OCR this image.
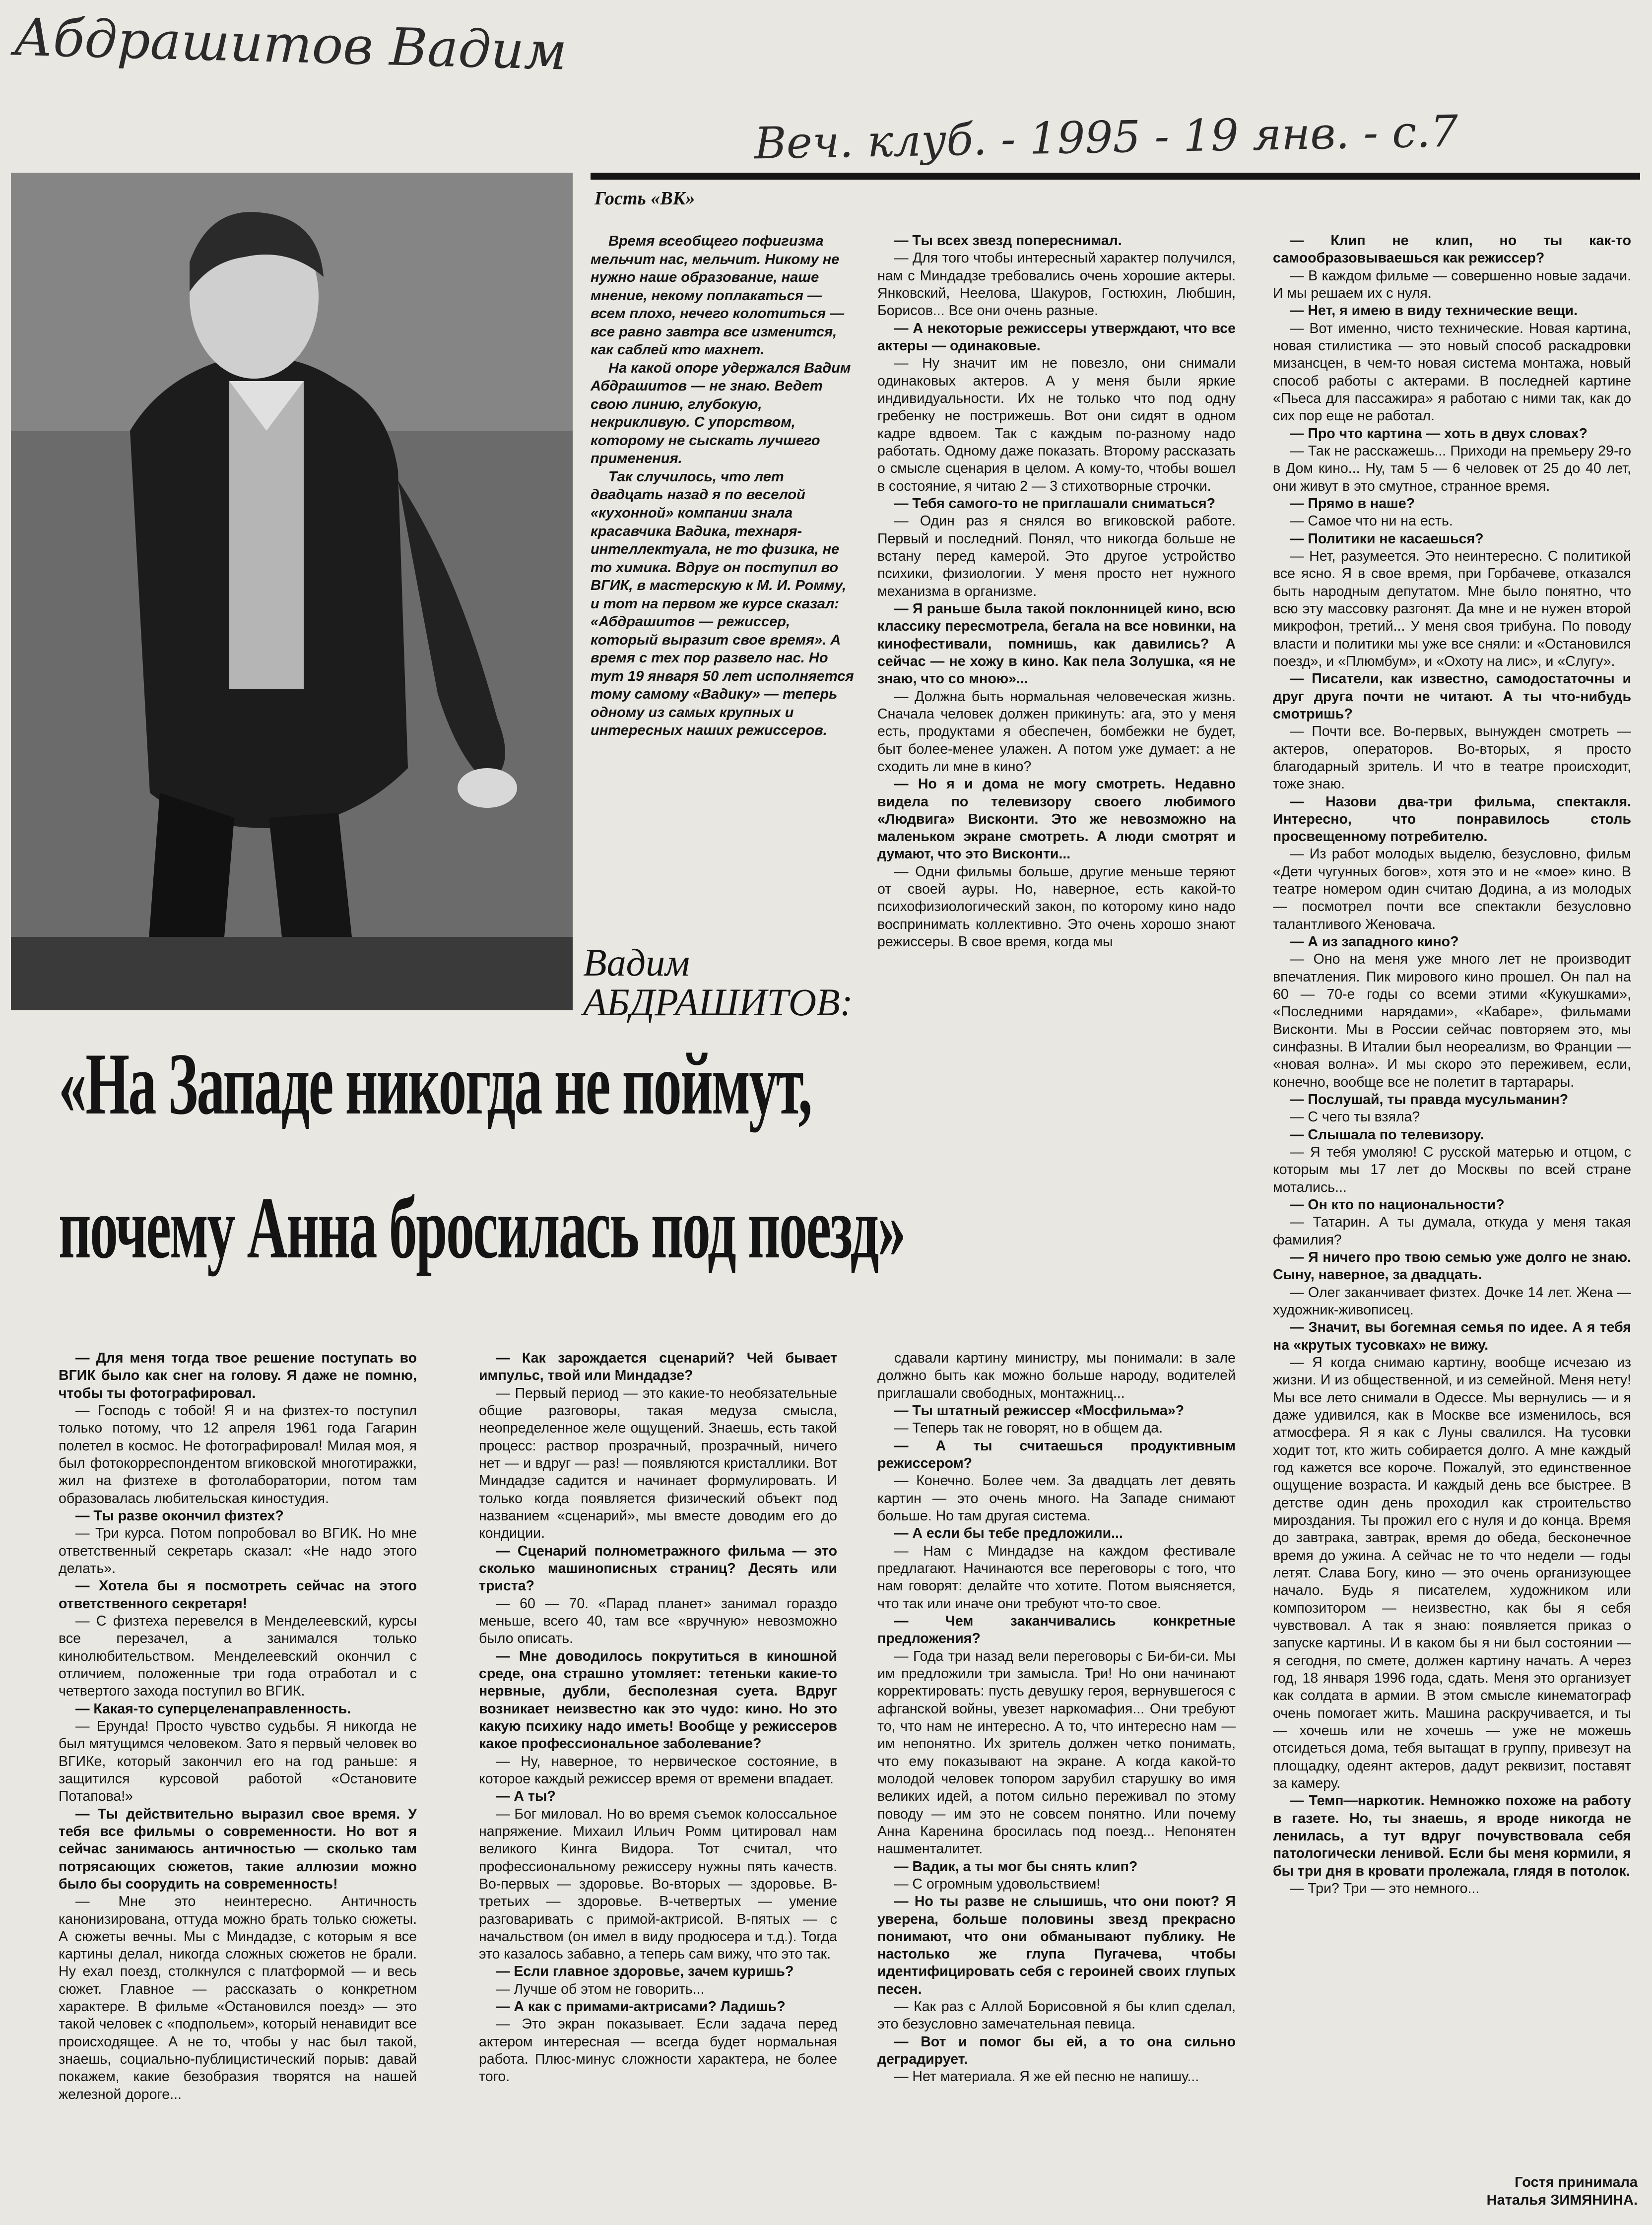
Абдрашитов Вадим
Веч. клуб. - 1995 - 19 янв. - с.7
Гость «ВК»

Время всеобщего пофигизма мельчит нас, мельчит. Никому не нужно наше образование, наше мнение, некому поплакаться — всем плохо, нечего колотиться — все равно завтра все изменится, как саблей кто махнет.

На какой опоре удержался Вадим Абдрашитов — не знаю. Ведет свою линию, глубокую, некрикливую. С упорством, которому не сыскать лучшего применения.

Так случилось, что лет двадцать назад я по веселой «кухонной» компании знала красавчика Вадика, технаря-интеллектуала, не то физика, не то химика. Вдруг он поступил во ВГИК, в мастерскую к М. И. Ромму, и тот на первом же курсе сказал: «Абдрашитов — режиссер, который выразит свое время». А время с тех пор развело нас. Но тут 19 января 50 лет исполняется тому самому «Вадику» — теперь одному из самых крупных и интересных наших режиссеров.

Вадим
АБДРАШИТОВ:

— Ты всех звезд попереснимал.

— Для того чтобы интересный характер получился, нам с Миндадзе требовались очень хорошие актеры. Янковский, Неелова, Шакуров, Гостюхин, Любшин, Борисов... Все они очень разные.

— А некоторые режиссеры утверждают, что все актеры — одинаковые.

— Ну значит им не повезло, они снимали одинаковых актеров. А у меня были яркие индивидуальности. Их не только что под одну гребенку не пострижешь. Вот они сидят в одном кадре вдвоем. Так с каждым по-разному надо работать. Одному даже показать. Второму рассказать о смысле сценария в целом. А кому-то, чтобы вошел в состояние, я читаю 2 — 3 стихотворные строчки.

— Тебя самого-то не приглашали сниматься?

— Один раз я снялся во вгиковской работе. Первый и последний. Понял, что никогда больше не встану перед камерой. Это другое устройство психики, физиологии. У меня просто нет нужного механизма в организме.

— Я раньше была такой поклонницей кино, всю классику пересмотрела, бегала на все новинки, на кинофестивали, помнишь, как давились? А сейчас — не хожу в кино. Как пела Золушка, «я не знаю, что со мною»...

— Должна быть нормальная человеческая жизнь. Сначала человек должен прикинуть: ага, это у меня есть, продуктами я обеспечен, бомбежки не будет, быт более-менее улажен. А потом уже думает: а не сходить ли мне в кино?

— Но я и дома не могу смотреть. Недавно видела по телевизору своего любимого «Людвига» Висконти. Это же невозможно на маленьком экране смотреть. А люди смотрят и думают, что это Висконти...

— Одни фильмы больше, другие меньше теряют от своей ауры. Но, наверное, есть какой-то психофизиологический закон, по которому кино надо воспринимать коллективно. Это очень хорошо знают режиссеры. В свое время, когда мы

— Клип не клип, но ты как-то самообразовываешься как режиссер?

— В каждом фильме — совершенно новые задачи. И мы решаем их с нуля.

— Нет, я имею в виду технические вещи.

— Вот именно, чисто технические. Новая картина, новая стилистика — это новый способ раскадровки мизансцен, в чем-то новая система монтажа, новый способ работы с актерами. В последней картине «Пьеса для пассажира» я работаю с ними так, как до сих пор еще не работал.

— Про что картина — хоть в двух словах?

— Так не расскажешь... Приходи на премьеру 29-го в Дом кино... Ну, там 5 — 6 человек от 25 до 40 лет, они живут в это смутное, странное время.

— Прямо в наше?

— Самое что ни на есть.

— Политики не касаешься?

— Нет, разумеется. Это неинтересно. С политикой все ясно. Я в свое время, при Горбачеве, отказался быть народным депутатом. Мне было понятно, что всю эту массовку разгонят. Да мне и не нужен второй микрофон, третий... У меня своя трибуна. По поводу власти и политики мы уже все сняли: и «Остановился поезд», и «Плюмбум», и «Охоту на лис», и «Слугу».

— Писатели, как известно, самодостаточны и друг друга почти не читают. А ты что-нибудь смотришь?

— Почти все. Во-первых, вынужден смотреть — актеров, операторов. Во-вторых, я просто благодарный зритель. И что в театре происходит, тоже знаю.

— Назови два-три фильма, спектакля. Интересно, что понравилось столь просвещенному потребителю.

— Из работ молодых выделю, безусловно, фильм «Дети чугунных богов», хотя это и не «мое» кино. В театре номером один считаю Додина, а из молодых — посмотрел почти все спектакли безусловно талантливого Женовача.

— А из западного кино?

— Оно на меня уже много лет не производит впечатления. Пик мирового кино прошел. Он пал на 60 — 70-е годы со всеми этими «Кукушками», «Последними нарядами», «Кабаре», фильмами Висконти. Мы в России сейчас повторяем это, мы синфазны. В Италии был неореализм, во Франции — «новая волна». И мы скоро это переживем, если, конечно, вообще все не полетит в тартарары.

— Послушай, ты правда мусульманин?

— С чего ты взяла?

— Слышала по телевизору.

— Я тебя умоляю! С русской матерью и отцом, с которым мы 17 лет до Москвы по всей стране мотались...

— Он кто по национальности?

— Татарин. А ты думала, откуда у меня такая фамилия?

— Я ничего про твою семью уже долго не знаю. Сыну, наверное, за двадцать.

— Олег заканчивает физтех. Дочке 14 лет. Жена — художник-живописец.

— Значит, вы богемная семья по идее. А я тебя на «крутых тусовках» не вижу.

— Я когда снимаю картину, вообще исчезаю из жизни. И из общественной, и из семейной. Меня нету! Мы все лето снимали в Одессе. Мы вернулись — и я даже удивился, как в Москве все изменилось, вся атмосфера. Я я как с Луны свалился. На тусовки ходит тот, кто жить собирается долго. А мне каждый год кажется все короче. Пожалуй, это единственное ощущение возраста. И каждый день все быстрее. В детстве один день проходил как строительство мироздания. Ты прожил его с нуля и до конца. Время до завтрака, завтрак, время до обеда, бесконечное время до ужина. А сейчас не то что недели — годы летят. Слава Богу, кино — это очень организующее начало. Будь я писателем, художником или композитором — неизвестно, как бы я себя чувствовал. А так я знаю: появляется приказ о запуске картины. И в каком бы я ни был состоянии — я сегодня, по смете, должен картину начать. А через год, 18 января 1996 года, сдать. Меня это организует как солдата в армии. В этом смысле кинематограф очень помогает жить. Машина раскручивается, и ты — хочешь или не хочешь — уже не можешь отсидеться дома, тебя вытащат в группу, привезут на площадку, одеянт актеров, дадут реквизит, поставят за камеру.

— Темп—наркотик. Немножко похоже на работу в газете. Но, ты знаешь, я вроде никогда не ленилась, а тут вдруг почувствовала себя патологически ленивой. Если бы меня кормили, я бы три дня в кровати пролежала, глядя в потолок.

— Три? Три — это немного...

«На Западе никогда не поймут,
почему Анна бросилась под поезд»

— Для меня тогда твое решение поступать во ВГИК было как снег на голову. Я даже не помню, чтобы ты фотографировал.

— Господь с тобой! Я и на физтех-то поступил только потому, что 12 апреля 1961 года Гагарин полетел в космос. Не фотографировал! Милая моя, я был фотокорреспондентом вгиковской многотиражки, жил на физтехе в фотолаборатории, потом там образовалась любительская киностудия.

— Ты разве окончил физтех?

— Три курса. Потом попробовал во ВГИК. Но мне ответственный секретарь сказал: «Не надо этого делать».

— Хотела бы я посмотреть сейчас на этого ответственного секретаря!

— С физтеха перевелся в Менделеевский, курсы все перезачел, а занимался только кинолюбительством. Менделеевский окончил с отличием, положенные три года отработал и с четвертого захода поступил во ВГИК.

— Какая-то суперцеленаправленность.

— Ерунда! Просто чувство судьбы. Я никогда не был мятущимся человеком. Зато я первый человек во ВГИКе, который закончил его на год раньше: я защитился курсовой работой «Остановите Потапова!»

— Ты действительно выразил свое время. У тебя все фильмы о современности. Но вот я сейчас занимаюсь античностью — сколько там потрясающих сюжетов, такие аллюзии можно было бы соорудить на современность!

— Мне это неинтересно. Античность канонизирована, оттуда можно брать только сюжеты. А сюжеты вечны. Мы с Миндадзе, с которым я все картины делал, никогда сложных сюжетов не брали. Ну ехал поезд, столкнулся с платформой — и весь сюжет. Главное — рассказать о конкретном характере. В фильме «Остановился поезд» — это такой человек с «подпольем», который ненавидит все происходящее. А не то, чтобы у нас был такой, знаешь, социально-публицистический порыв: давай покажем, какие безобразия творятся на нашей железной дороге...

— Как зарождается сценарий? Чей бывает импульс, твой или Миндадзе?

— Первый период — это какие-то необязательные общие разговоры, такая медуза смысла, неопределенное желе ощущений. Знаешь, есть такой процесс: раствор прозрачный, прозрачный, ничего нет — и вдруг — раз! — появляются кристаллики. Вот Миндадзе садится и начинает формулировать. И только когда появляется физический объект под названием «сценарий», мы вместе доводим его до кондиции.

— Сценарий полнометражного фильма — это сколько машинописных страниц? Десять или триста?

— 60 — 70. «Парад планет» занимал гораздо меньше, всего 40, там все «вручную» невозможно было описать.

— Мне доводилось покрутиться в киношной среде, она страшно утомляет: тетеньки какие-то нервные, дубли, бесполезная суета. Вдруг возникает неизвестно как это чудо: кино. Но это какую психику надо иметь! Вообще у режиссеров какое профессиональное заболевание?

— Ну, наверное, то нервическое состояние, в которое каждый режиссер время от времени впадает.

— А ты?

— Бог миловал. Но во время съемок колоссальное напряжение. Михаил Ильич Ромм цитировал нам великого Кинга Видора. Тот считал, что профессиональному режиссеру нужны пять качеств. Во-первых — здоровье. Во-вторых — здоровье. В-третьих — здоровье. В-четвертых — умение разговаривать с примой-актрисой. В-пятых — с начальством (он имел в виду продюсера и т.д.). Тогда это казалось забавно, а теперь сам вижу, что это так.

— Если главное здоровье, зачем куришь?

— Лучше об этом не говорить...

— А как с примами-актрисами? Ладишь?

— Это экран показывает. Если задача перед актером интересная — всегда будет нормальная работа. Плюс-минус сложности характера, не более того.

сдавали картину министру, мы понимали: в зале должно быть как можно больше народу, водителей приглашали свободных, монтажниц...

— Ты штатный режиссер «Мосфильма»?

— Теперь так не говорят, но в общем да.

— А ты считаешься продуктивным режиссером?

— Конечно. Более чем. За двадцать лет девять картин — это очень много. На Западе снимают больше. Но там другая система.

— А если бы тебе предложили...

— Нам с Миндадзе на каждом фестивале предлагают. Начинаются все переговоры с того, что нам говорят: делайте что хотите. Потом выясняется, что так или иначе они требуют что-то свое.

— Чем заканчивались конкретные предложения?

— Года три назад вели переговоры с Би-би-си. Мы им предложили три замысла. Три! Но они начинают корректировать: пусть девушку героя, вернувшегося с афганской войны, увезет наркомафия... Они требуют то, что нам не интересно. А то, что интересно нам — им непонятно. Их зритель должен четко понимать, что ему показывают на экране. А когда какой-то молодой человек топором зарубил старушку во имя великих идей, а потом сильно переживал по этому поводу — им это не совсем понятно. Или почему Анна Каренина бросилась под поезд... Непонятен нашменталитет.

— Вадик, а ты мог бы снять клип?

— С огромным удовольствием!

— Но ты разве не слышишь, что они поют? Я уверена, больше половины звезд прекрасно понимают, что они обманывают публику. Не настолько же глупа Пугачева, чтобы идентифицировать себя с героиней своих глупых песен.

— Как раз с Аллой Борисовной я бы клип сделал, это безусловно замечательная певица.

— Вот и помог бы ей, а то она сильно деградирует.

— Нет материала. Я же ей песню не напишу...

Гостя принимала
Наталья ЗИМЯНИНА.
